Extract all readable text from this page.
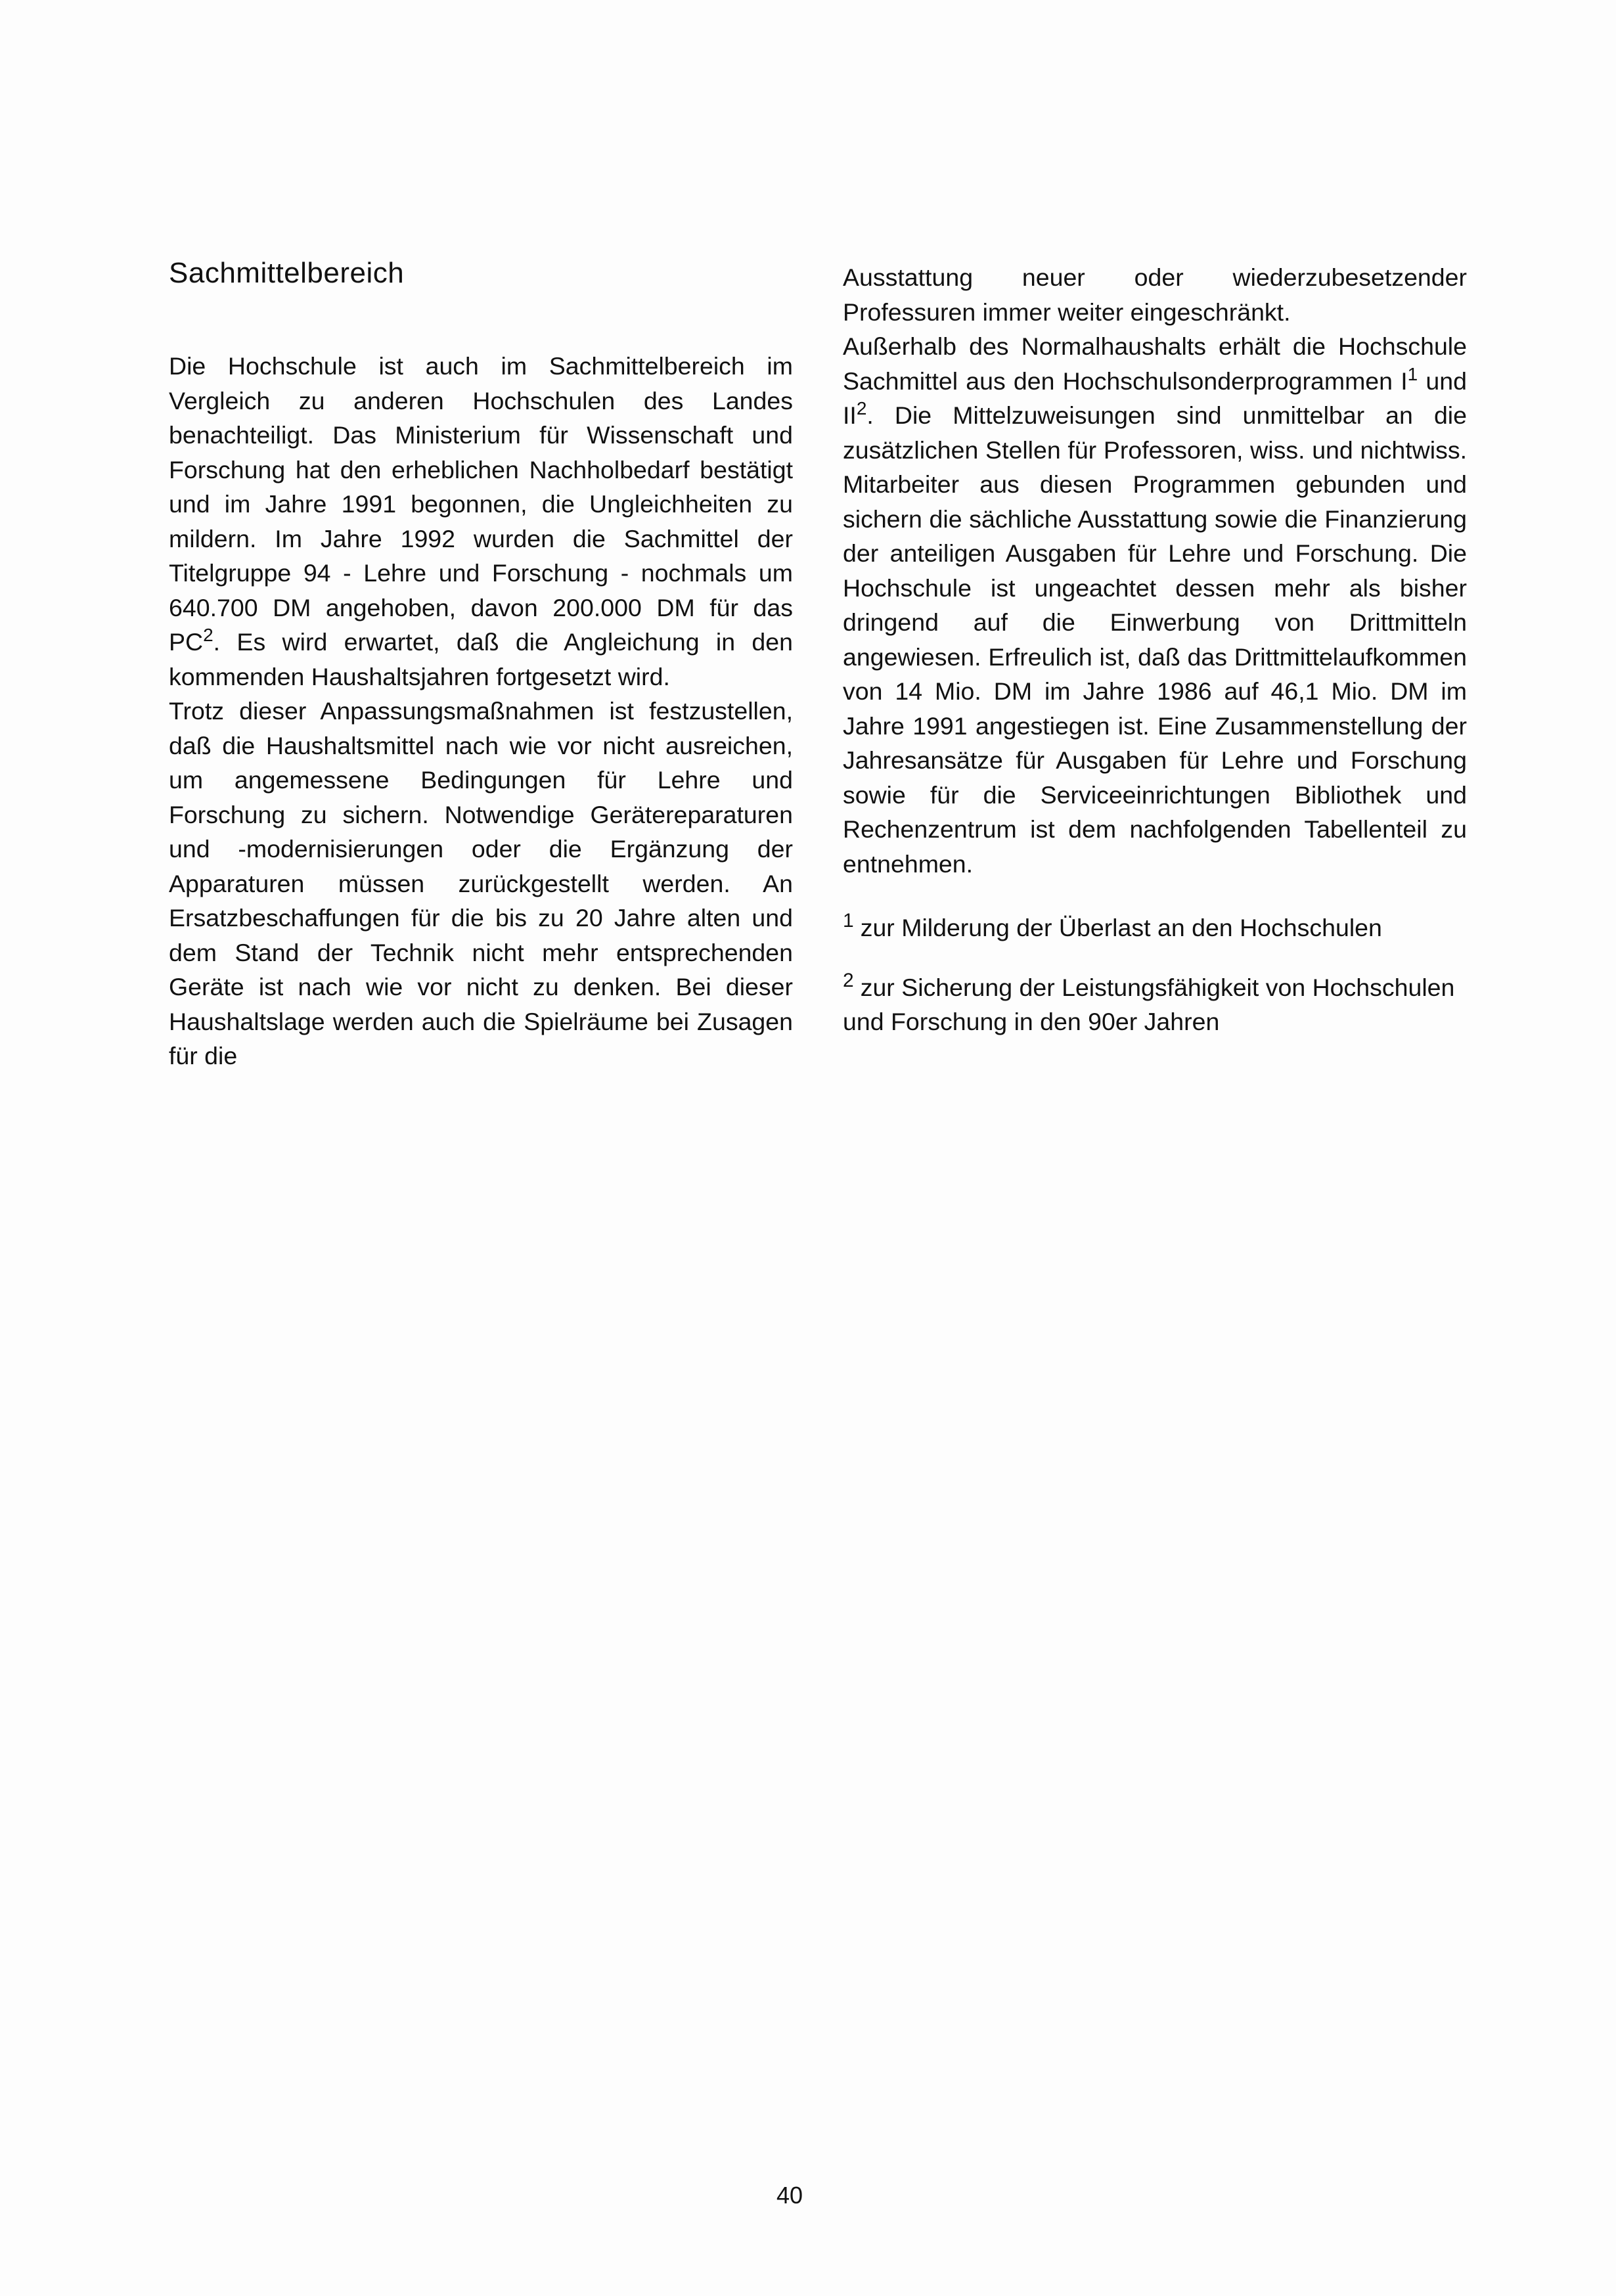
Sachmittelbereich

Die Hochschule ist auch im Sachmittelbereich im Vergleich zu anderen Hochschulen des Landes benachteiligt. Das Ministerium für Wissenschaft und Forschung hat den erheblichen Nachholbedarf bestätigt und im Jahre 1991 begonnen, die Ungleichheiten zu mildern. Im Jahre 1992 wurden die Sachmittel der Titelgruppe 94 - Lehre und Forschung - nochmals um 640.700 DM angehoben, davon 200.000 DM für das $PC^2$. Es wird erwartet, daß die Angleichung in den kommenden Haushaltsjahren fortgesetzt wird.

Trotz dieser Anpassungsmaßnahmen ist festzustellen, daß die Haushaltsmittel nach wie vor nicht ausreichen, um angemessene Bedingungen für Lehre und Forschung zu sichern. Notwendige Gerätereparaturen und -modernisierungen oder die Ergänzung der Apparaturen müssen zurückgestellt werden. An Ersatzbeschaffungen für die bis zu 20 Jahre alten und dem Stand der Technik nicht mehr entsprechenden Geräte ist nach wie vor nicht zu denken. Bei dieser Haushaltslage werden auch die Spielräume bei Zusagen für die

Ausstattung neuer oder wiederzubesetzender Professuren immer weiter eingeschränkt.

Außerhalb des Normalhaushalts erhält die Hochschule Sachmittel aus den Hochschulsonderprogrammen $I^1$ und $II^2$. Die Mittelzuweisungen sind unmittelbar an die zusätzlichen Stellen für Professoren, wiss. und nichtwiss. Mitarbeiter aus diesen Programmen gebunden und sichern die sächliche Ausstattung sowie die Finanzierung der anteiligen Ausgaben für Lehre und Forschung. Die Hochschule ist ungeachtet dessen mehr als bisher dringend auf die Einwerbung von Drittmitteln angewiesen. Erfreulich ist, daß das Drittmittelaufkommen von 14 Mio. DM im Jahre 1986 auf 46,1 Mio. DM im Jahre 1991 angestiegen ist. Eine Zusammenstellung der Jahresansätze für Ausgaben für Lehre und Forschung sowie für die Serviceeinrichtungen Bibliothek und Rechenzentrum ist dem nachfolgenden Tabellenteil zu entnehmen.

$^1$ zur Milderung der Überlast an den Hochschulen

$^2$ zur Sicherung der Leistungsfähigkeit von Hochschulen und Forschung in den 90er Jahren

40
